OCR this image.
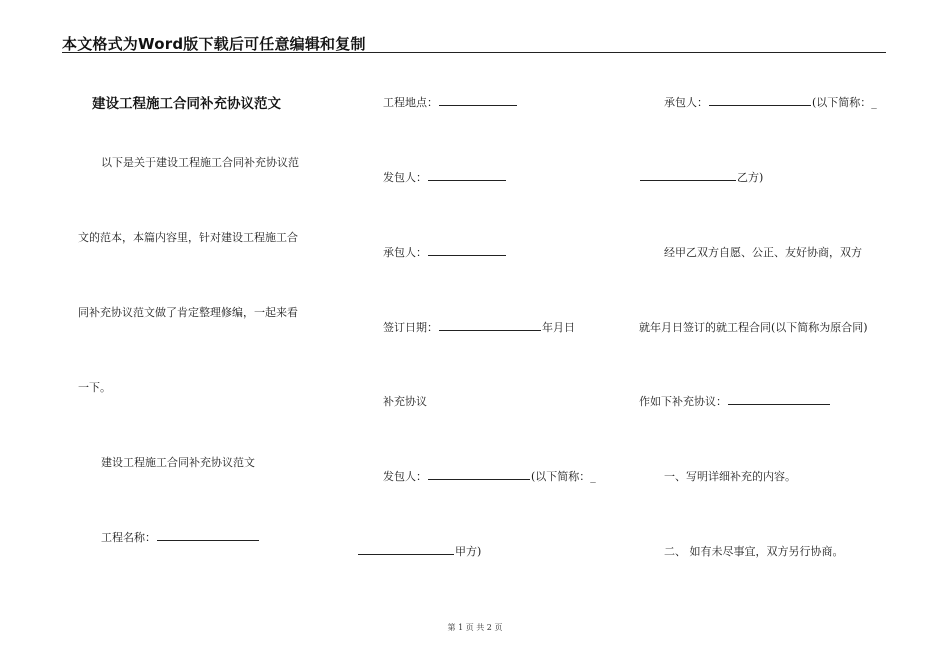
本文格式为Word版下载后可任意编辑和复制
建设工程施工合同补充协议范文
以下是关于建设工程施工合同补充协议范
文的范本，本篇内容里，针对建设工程施工合
同补充协议范文做了肯定整理修编，一起来看
一下。
建设工程施工合同补充协议范文
工程名称：
工程地点：
发包人：
承包人：
签订日期：	年月日
补充协议
发包人：	(以下简称：_
甲方)
承包人：	(以下简称：_
乙方)
经甲乙双方自愿、公正、友好协商，双方
就年月日签订的就工程合同(以下简称为原合同)
作如下补充协议：
一、写明详细补充的内容。
二、 如有未尽事宜，双方另行协商。
第 1 页 共 2 页
